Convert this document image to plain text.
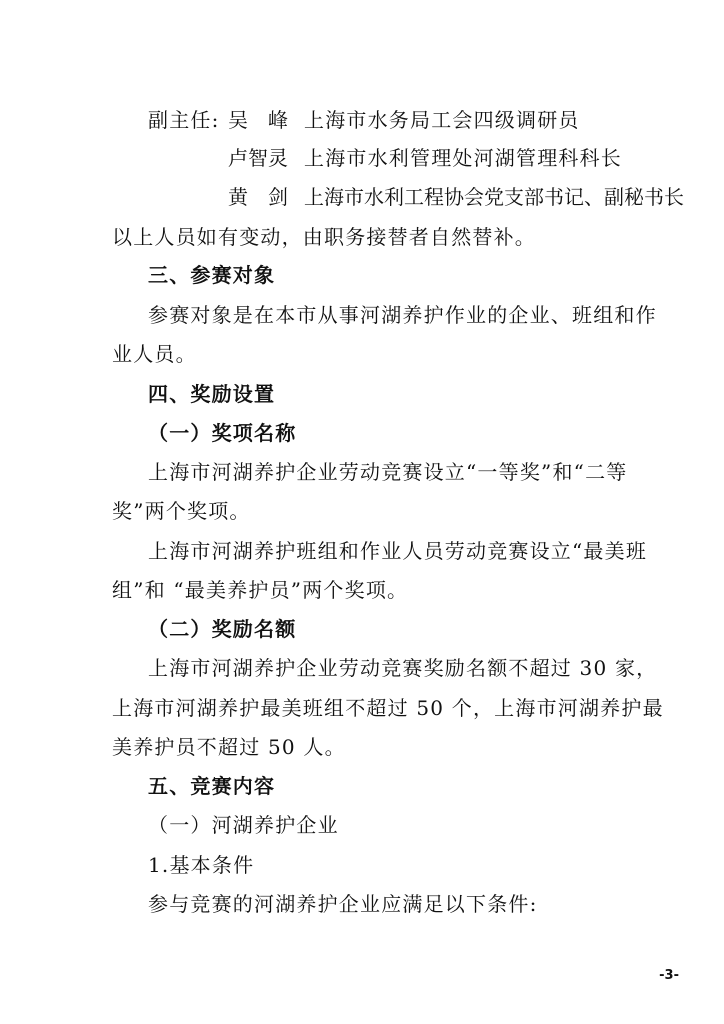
副主任: 吴　峰 上海市水务局工会四级调研员
卢智灵 上海市水利管理处河湖管理科科长
黄　剑 上海市水利工程协会党支部书记、副秘书长
以上人员如有变动，由职务接替者自然替补。
三、参赛对象
参赛对象是在本市从事河湖养护作业的企业、班组和作
业人员。
四、奖励设置
（一）奖项名称
上海市河湖养护企业劳动竞赛设立“一等奖”和“二等
奖”两个奖项。
上海市河湖养护班组和作业人员劳动竞赛设立“最美班
组”和 “最美养护员”两个奖项。
（二）奖励名额
上海市河湖养护企业劳动竞赛奖励名额不超过 30 家，
上海市河湖养护最美班组不超过 50 个，上海市河湖养护最
美养护员不超过 50 人。
五、竞赛内容
（一）河湖养护企业
1.基本条件
参与竞赛的河湖养护企业应满足以下条件:
-3-
